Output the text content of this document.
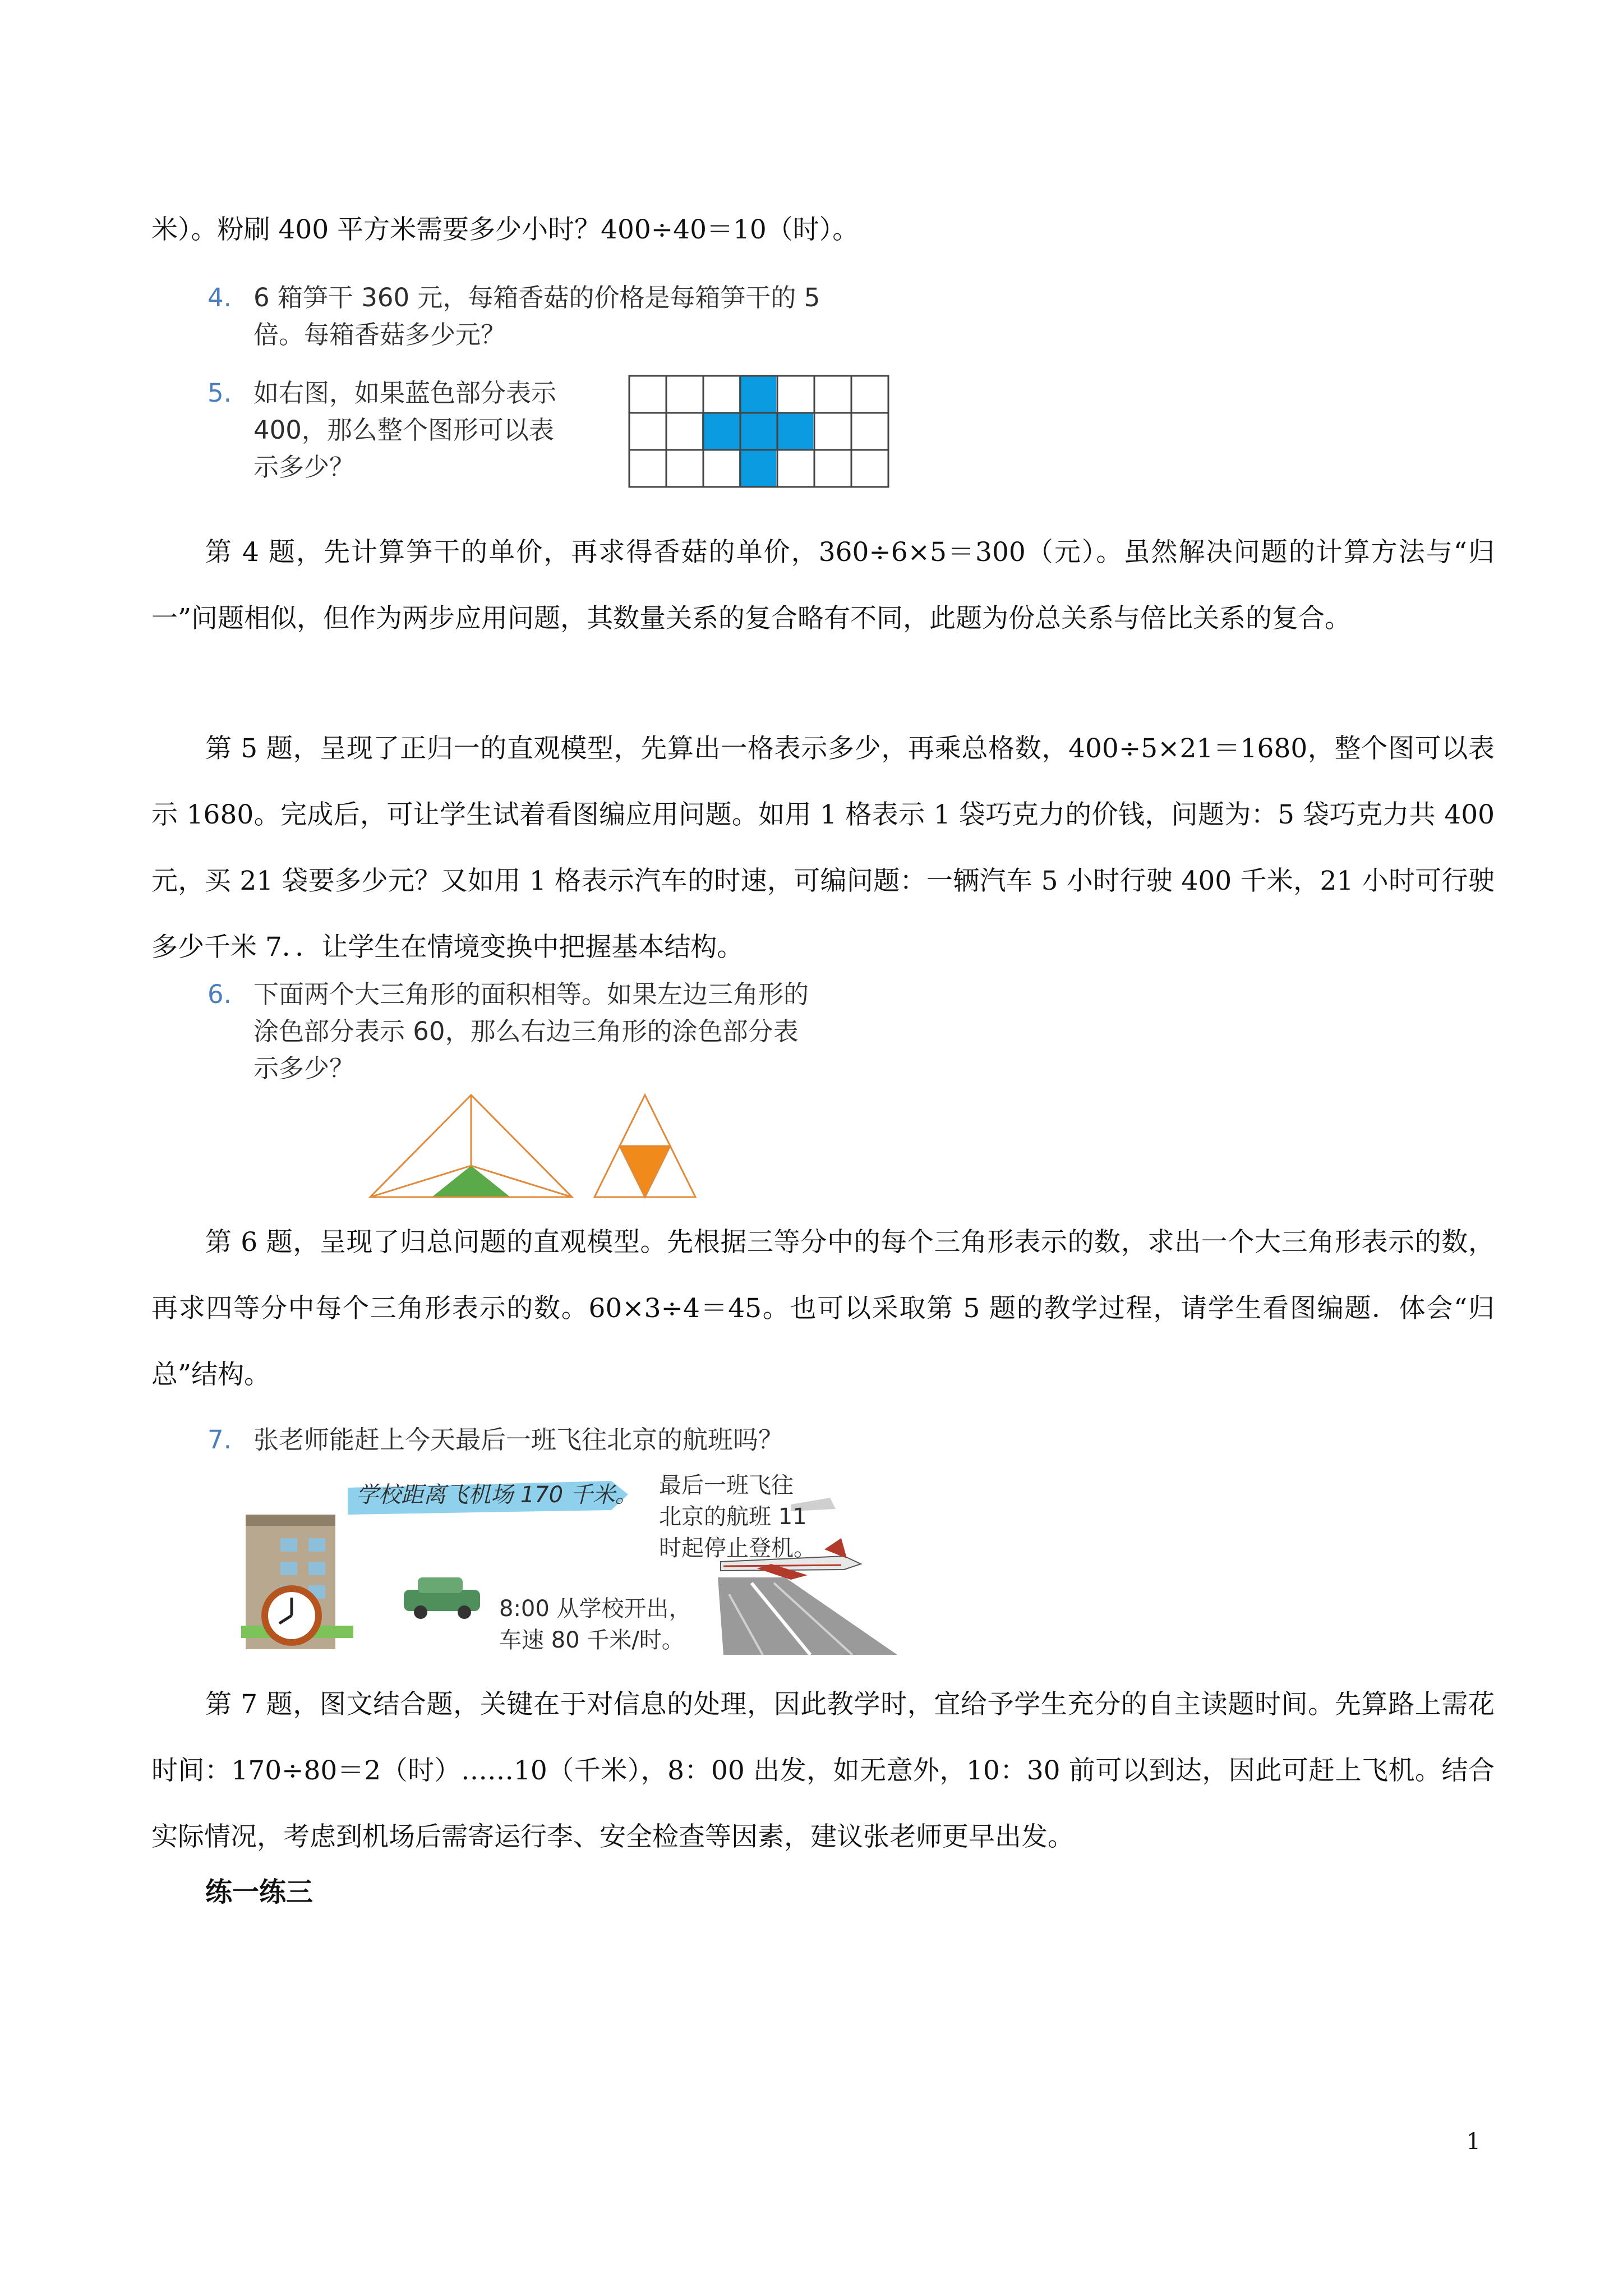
米）。粉刷 400 平方米需要多少小时？400÷40＝10（时）。
4. 6 箱笋干 360 元，每箱香菇的价格是每箱笋干的 5
倍。每箱香菇多少元？
5. 如右图，如果蓝色部分表示
400，那么整个图形可以表
示多少？

第 4 题，先计算笋干的单价，再求得香菇的单价，360÷6×5＝300（元）。虽然解决问题的计算方法与“归一”问题相似，但作为两步应用问题，其数量关系的复合略有不同，此题为份总关系与倍比关系的复合。

第 5 题，呈现了正归一的直观模型，先算出一格表示多少，再乘总格数，400÷5×21＝1680，整个图可以表示 1680。完成后，可让学生试着看图编应用问题。如用 1 格表示 1 袋巧克力的价钱，问题为：5 袋巧克力共 400 元，买 21 袋要多少元？又如用 1 格表示汽车的时速，可编问题：一辆汽车 5 小时行驶 400 千米，21 小时可行驶多少千米 7．．让学生在情境变换中把握基本结构。

6. 下面两个大三角形的面积相等。如果左边三角形的
涂色部分表示 60，那么右边三角形的涂色部分表
示多少？

第 6 题，呈现了归总问题的直观模型。先根据三等分中的每个三角形表示的数，求出一个大三角形表示的数，再求四等分中每个三角形表示的数。60×3÷4＝45。也可以采取第 5 题的教学过程，请学生看图编题．体会“归总”结构。

7. 张老师能赶上今天最后一班飞往北京的航班吗？
学校距离飞机场 170 千米。 最后一班飞往
北京的航班 11
时起停止登机。
8:00 从学校开出，
车速 80 千米/时。

第 7 题，图文结合题，关键在于对信息的处理，因此教学时，宜给予学生充分的自主读题时间。先算路上需花时间：170÷80＝2（时）……10（千米），8：00 出发，如无意外，10：30 前可以到达，因此可赶上飞机。结合实际情况，考虑到机场后需寄运行李、安全检查等因素，建议张老师更早出发。

练一练三
1
